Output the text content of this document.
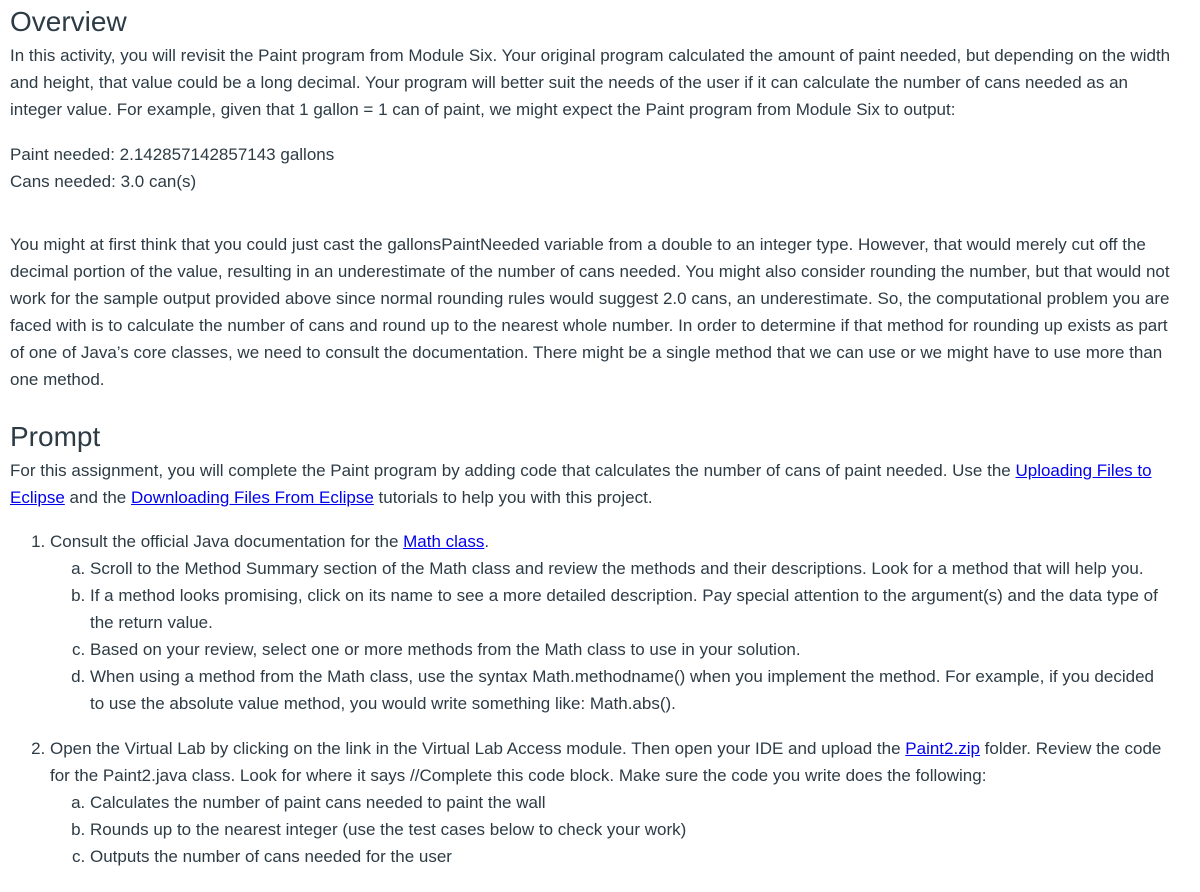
Overview

In this activity, you will revisit the Paint program from Module Six. Your original program calculated the amount of paint needed, but depending on the width and height, that value could be a long decimal. Your program will better suit the needs of the user if it can calculate the number of cans needed as an integer value. For example, given that 1 gallon = 1 can of paint, we might expect the Paint program from Module Six to output:

Paint needed: 2.142857142857143 gallons
Cans needed: 3.0 can(s)

You might at first think that you could just cast the gallonsPaintNeeded variable from a double to an integer type. However, that would merely cut off the decimal portion of the value, resulting in an underestimate of the number of cans needed. You might also consider rounding the number, but that would not work for the sample output provided above since normal rounding rules would suggest 2.0 cans, an underestimate. So, the computational problem you are faced with is to calculate the number of cans and round up to the nearest whole number. In order to determine if that method for rounding up exists as part of one of Java’s core classes, we need to consult the documentation. There might be a single method that we can use or we might have to use more than one method.

Prompt

For this assignment, you will complete the Paint program by adding code that calculates the number of cans of paint needed. Use the Uploading Files to Eclipse and the Downloading Files From Eclipse tutorials to help you with this project.

1. Consult the official Java documentation for the Math class.
a. Scroll to the Method Summary section of the Math class and review the methods and their descriptions. Look for a method that will help you.
b. If a method looks promising, click on its name to see a more detailed description. Pay special attention to the argument(s) and the data type of the return value.
c. Based on your review, select one or more methods from the Math class to use in your solution.
d. When using a method from the Math class, use the syntax Math.methodname() when you implement the method. For example, if you decided to use the absolute value method, you would write something like: Math.abs().
2. Open the Virtual Lab by clicking on the link in the Virtual Lab Access module. Then open your IDE and upload the Paint2.zip folder. Review the code for the Paint2.java class. Look for where it says //Complete this code block. Make sure the code you write does the following:
a. Calculates the number of paint cans needed to paint the wall
b. Rounds up to the nearest integer (use the test cases below to check your work)
c. Outputs the number of cans needed for the user
